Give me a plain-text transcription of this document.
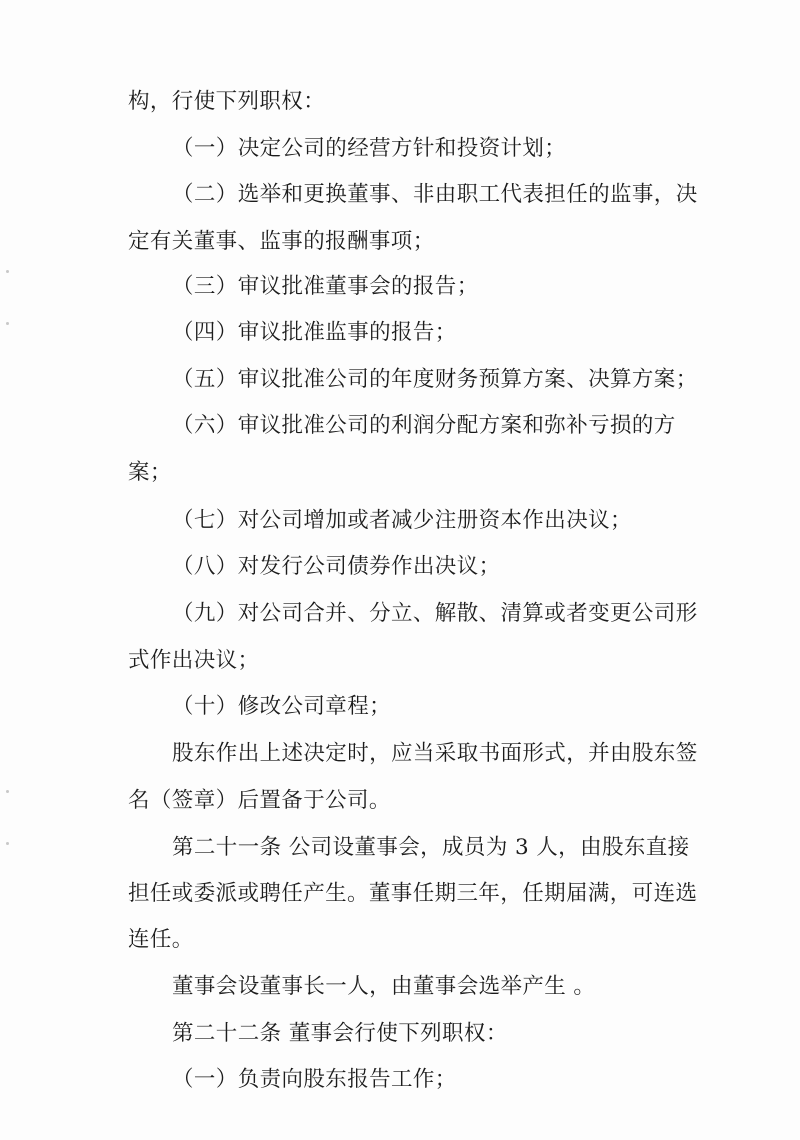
构，行使下列职权：
（一）决定公司的经营方针和投资计划；
（二）选举和更换董事、非由职工代表担任的监事，决
定有关董事、监事的报酬事项；
（三）审议批准董事会的报告；
（四）审议批准监事的报告；
（五）审议批准公司的年度财务预算方案、决算方案；
（六）审议批准公司的利润分配方案和弥补亏损的方
案；
（七）对公司增加或者减少注册资本作出决议；
（八）对发行公司债券作出决议；
（九）对公司合并、分立、解散、清算或者变更公司形
式作出决议；
（十）修改公司章程；
股东作出上述决定时，应当采取书面形式，并由股东签
名（签章）后置备于公司。
第二十一条 公司设董事会，成员为 3 人，由股东直接
担任或委派或聘任产生。董事任期三年，任期届满，可连选
连任。
董事会设董事长一人，由董事会选举产生 。
第二十二条 董事会行使下列职权：
（一）负责向股东报告工作；
